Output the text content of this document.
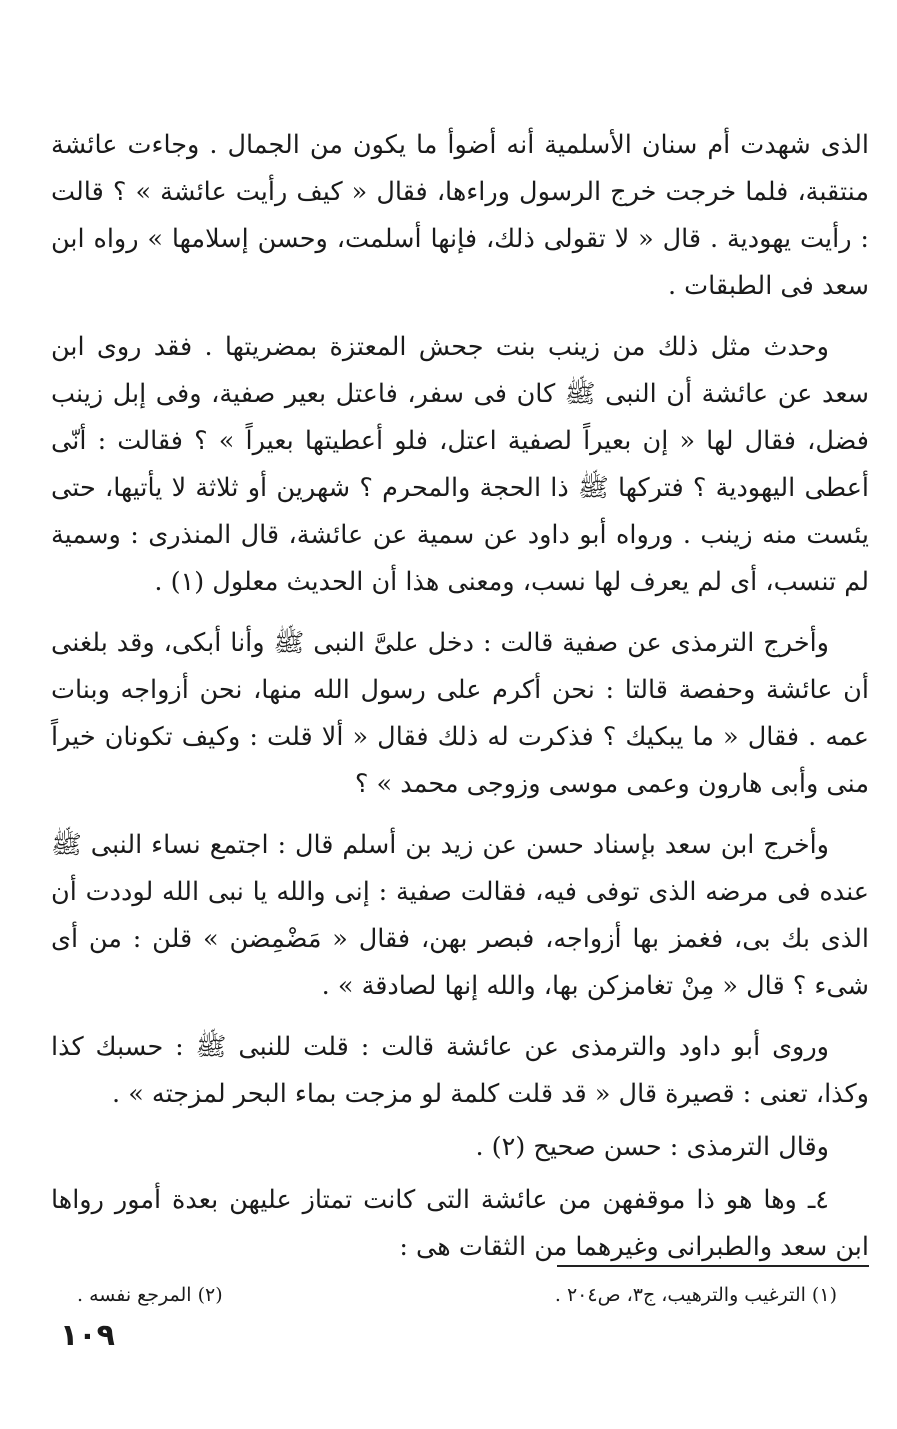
الذى شهدت أم سنان الأسلمية أنه أضوأ ما يكون من الجمال . وجاءت عائشة منتقبة، فلما خرجت خرج الرسول وراءها، فقال « كيف رأيت عائشة » ؟ قالت : رأيت يهودية . قال « لا تقولى ذلك، فإنها أسلمت، وحسن إسلامها » رواه ابن سعد فى الطبقات .

وحدث مثل ذلك من زينب بنت جحش المعتزة بمضريتها . فقد روى ابن سعد عن عائشة أن النبى ﷺ كان فى سفر، فاعتل بعير صفية، وفى إبل زينب فضل، فقال لها « إن بعيراً لصفية اعتل، فلو أعطيتها بعيراً » ؟ فقالت : أنّى أعطى اليهودية ؟ فتركها ﷺ ذا الحجة والمحرم ؟ شهرين أو ثلاثة لا يأتيها، حتى يئست منه زينب . ورواه أبو داود عن سمية عن عائشة، قال المنذرى : وسمية لم تنسب، أى لم يعرف لها نسب، ومعنى هذا أن الحديث معلول (١) .

وأخرج الترمذى عن صفية قالت : دخل علىَّ النبى ﷺ وأنا أبكى، وقد بلغنى أن عائشة وحفصة قالتا : نحن أكرم على رسول الله منها، نحن أزواجه وبنات عمه . فقال « ما يبكيك ؟ فذكرت له ذلك فقال « ألا قلت : وكيف تكونان خيراً منى وأبى هارون وعمى موسى وزوجى محمد » ؟

وأخرج ابن سعد بإسناد حسن عن زيد بن أسلم قال : اجتمع نساء النبى ﷺ عنده فى مرضه الذى توفى فيه، فقالت صفية : إنى والله يا نبى الله لوددت أن الذى بك بى، فغمز بها أزواجه، فبصر بهن، فقال « مَضْمِضن » قلن : من أى شىء ؟ قال « مِنْ تغامزكن بها، والله إنها لصادقة » .

وروى أبو داود والترمذى عن عائشة قالت : قلت للنبى ﷺ : حسبك كذا وكذا، تعنى : قصيرة قال « قد قلت كلمة لو مزجت بماء البحر لمزجته » .

وقال الترمذى : حسن صحيح (٢) .

٤ـ وها هو ذا موقفهن من عائشة التى كانت تمتاز عليهن بعدة أمور رواها ابن سعد والطبرانى وغيرهما من الثقات هى :

(١) الترغيب والترهيب، ج٣، ص٢٠٤ .
(٢) المرجع نفسه .
١٠٩
